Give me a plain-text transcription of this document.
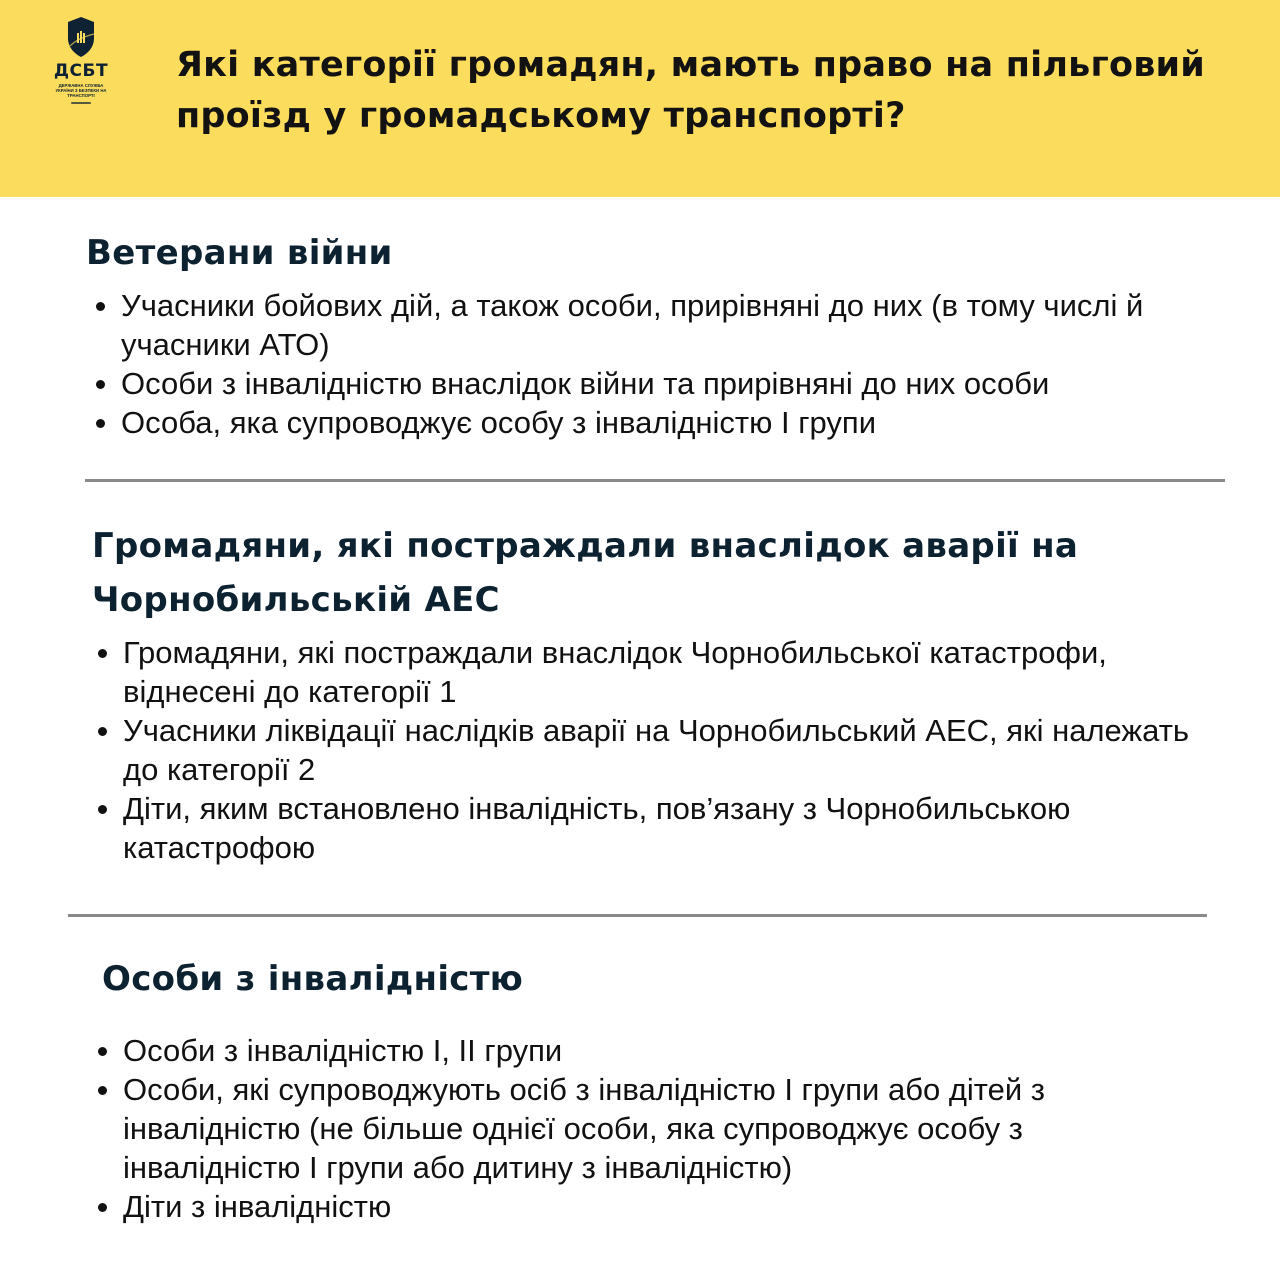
ДСБТ
ДЕРЖАВНА СЛУЖБА УКРАЇНИ З БЕЗПЕКИ НА ТРАНСПОРТІ
Які категорії громадян, мають право на пільговий проїзд у громадському транспорті?
Ветерани війни
Учасники бойових дій, а також особи, прирівняні до них (в тому числі й учасники АТО)
Особи з інвалідністю внаслідок війни та прирівняні до них особи
Особа, яка супроводжує особу з інвалідністю І групи
Громадяни, які постраждали внаслідок аварії на Чорнобильській АЕС
Громадяни, які постраждали внаслідок Чорнобильської катастрофи, віднесені до категорії 1
Учасники ліквідації наслідків аварії на Чорнобильський АЕС, які належать до категорії 2
Діти, яким встановлено інвалідність, пов’язану з Чорнобильською катастрофою
Особи з інвалідністю
Особи з інвалідністю І, ІІ групи
Особи, які супроводжують осіб з інвалідністю І групи або дітей з інвалідністю (не більше однієї особи, яка супроводжує особу з інвалідністю І групи або дитину з інвалідністю)
Діти з інвалідністю
